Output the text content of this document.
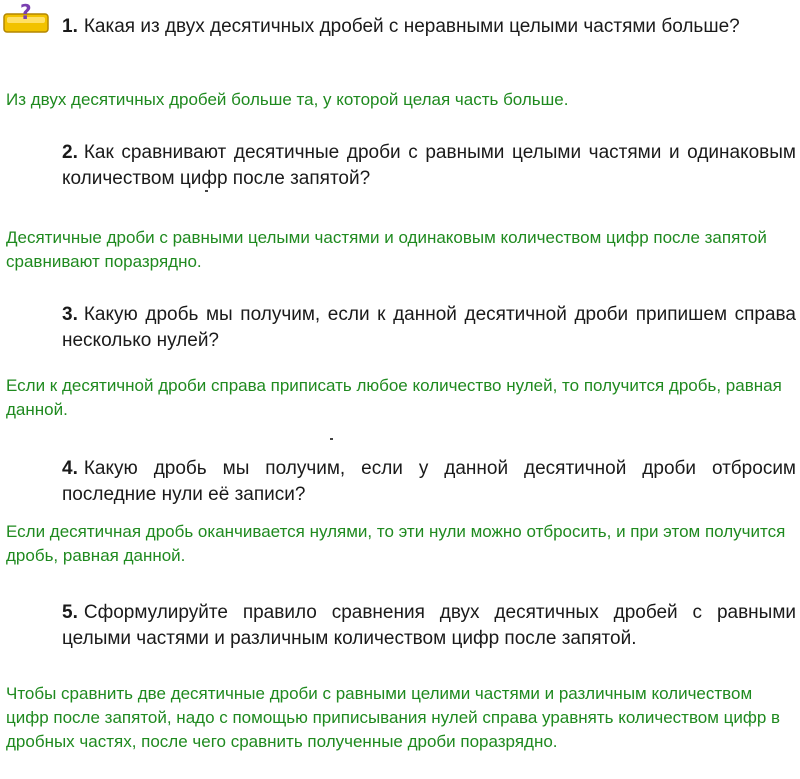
?
1. Какая из двух десятичных дробей с неравными целыми частями больше?
Из двух десятичных дробей больше та, у которой целая часть больше.
2. Как сравнивают десятичные дроби с равными целыми частями и одинаковым количеством цифр после запятой?
Десятичные дроби с равными целыми частями и одинаковым количеством цифр после запятой сравнивают поразрядно.
3. Какую дробь мы получим, если к данной десятичной дроби припишем справа несколько нулей?
Если к десятичной дроби справа приписать любое количество нулей, то получится дробь, равная данной.
4. Какую дробь мы получим, если у данной десятичной дроби отбросим последние нули её записи?
Если десятичная дробь оканчивается нулями, то эти нули можно отбросить, и при этом получится дробь, равная данной.
5. Сформулируйте правило сравнения двух десятичных дробей с равными целыми частями и различным количеством цифр после запятой.
Чтобы сравнить две десятичные дроби с равными целими частями и различным количеством цифр после запятой, надо с помощью приписывания нулей справа уравнять количеством цифр в дробных частях, после чего сравнить полученные дроби поразрядно.
